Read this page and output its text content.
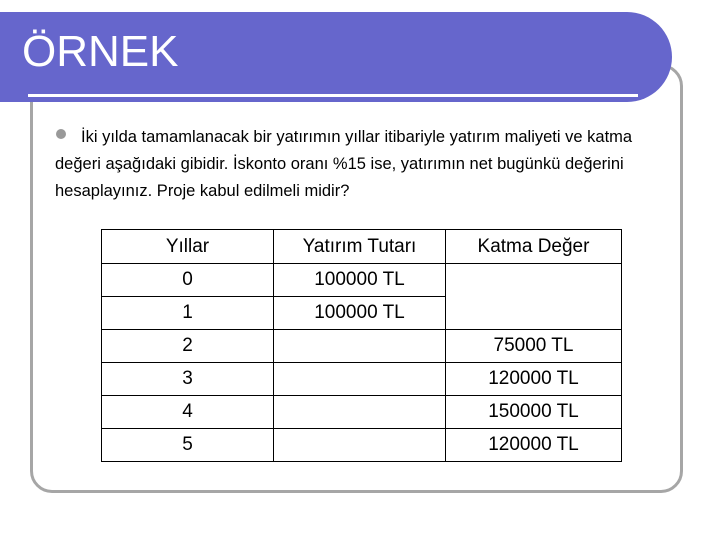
ÖRNEK

İki yılda tamamlanacak bir yatırımın yıllar itibariyle yatırım maliyeti ve katma değeri aşağıdaki gibidir. İskonto oranı %15 ise, yatırımın net bugünkü değerini hesaplayınız. Proje kabul edilmeli midir?

Yıllar	Yatırım Tutarı	Katma Değer
0	100000 TL	
1	100000 TL	
2		75000 TL
3		120000 TL
4		150000 TL
5		120000 TL
